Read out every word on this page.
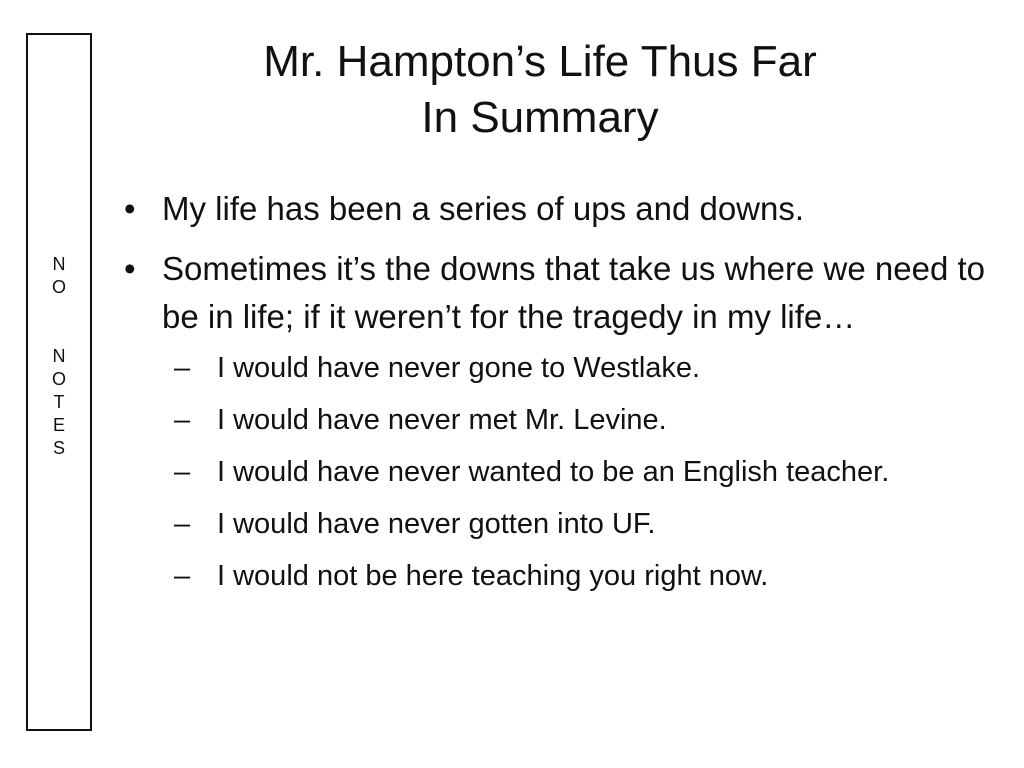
N
O
N
O
T
E
S
Mr. Hampton’s Life Thus Far
In Summary
• My life has been a series of ups and downs.
• Sometimes it’s the downs that take us where we need to be in life; if it weren’t for the tragedy in my life…
– I would have never gone to Westlake.
– I would have never met Mr. Levine.
– I would have never wanted to be an English teacher.
– I would have never gotten into UF.
– I would not be here teaching you right now.
